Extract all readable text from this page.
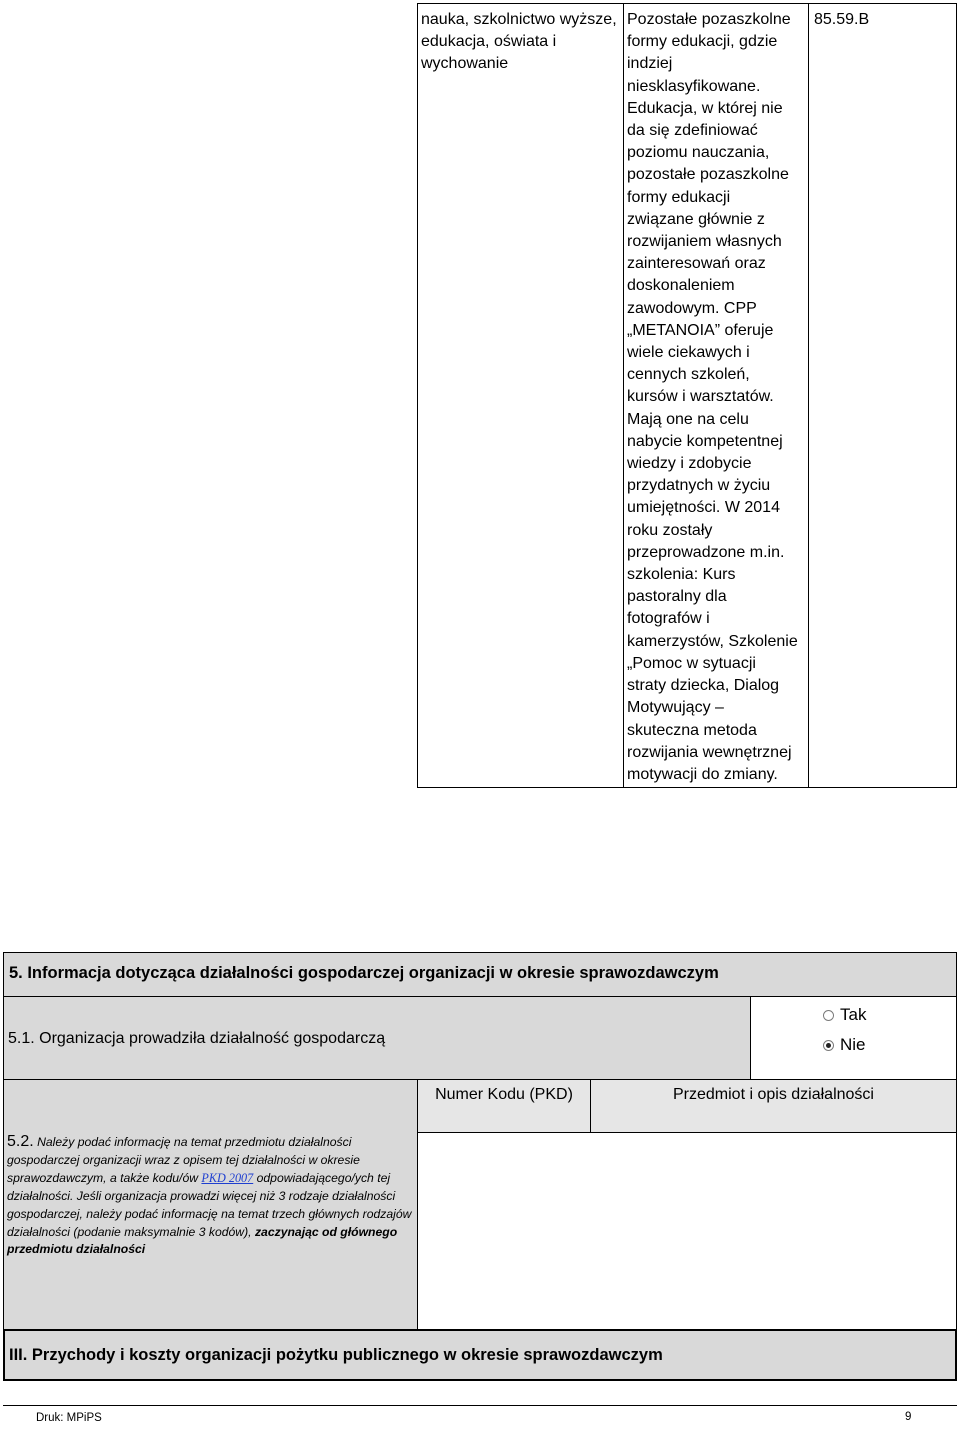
nauka, szkolnictwo wyższe, edukacja, oświata i wychowanie
Pozostałe pozaszkolne
formy edukacji, gdzie
indziej
niesklasyfikowane.
Edukacja, w której nie
da się zdefiniować
poziomu nauczania,
pozostałe pozaszkolne
formy edukacji
związane głównie z
rozwijaniem własnych
zainteresowań oraz
doskonaleniem
zawodowym. CPP
„METANOIA” oferuje
wiele ciekawych i
cennych szkoleń,
kursów i warsztatów.
Mają one na celu
nabycie kompetentnej
wiedzy i zdobycie
przydatnych w życiu
umiejętności. W 2014
roku zostały
przeprowadzone m.in.
szkolenia: Kurs
pastoralny dla
fotografów i
kamerzystów, Szkolenie
„Pomoc w sytuacji
straty dziecka, Dialog
Motywujący –
skuteczna metoda
rozwijania wewnętrznej
motywacji do zmiany.
85.59.B
5. Informacja dotycząca działalności gospodarczej organizacji w okresie sprawozdawczym
5.1. Organizacja prowadziła działalność gospodarczą
Tak
Nie
Numer Kodu (PKD)	Przedmiot i opis działalności
5.2. Należy podać informację na temat przedmiotu działalności gospodarczej organizacji wraz z opisem tej działalności w okresie sprawozdawczym, a także kodu/ów PKD 2007 odpowiadającego/ych tej działalności. Jeśli organizacja prowadzi więcej niż 3 rodzaje działalności gospodarczej, należy podać informację na temat trzech głównych rodzajów działalności (podanie maksymalnie 3 kodów), zaczynając od głównego przedmiotu działalności
III. Przychody i koszty organizacji pożytku publicznego w okresie sprawozdawczym
Druk: MPiPS	9
